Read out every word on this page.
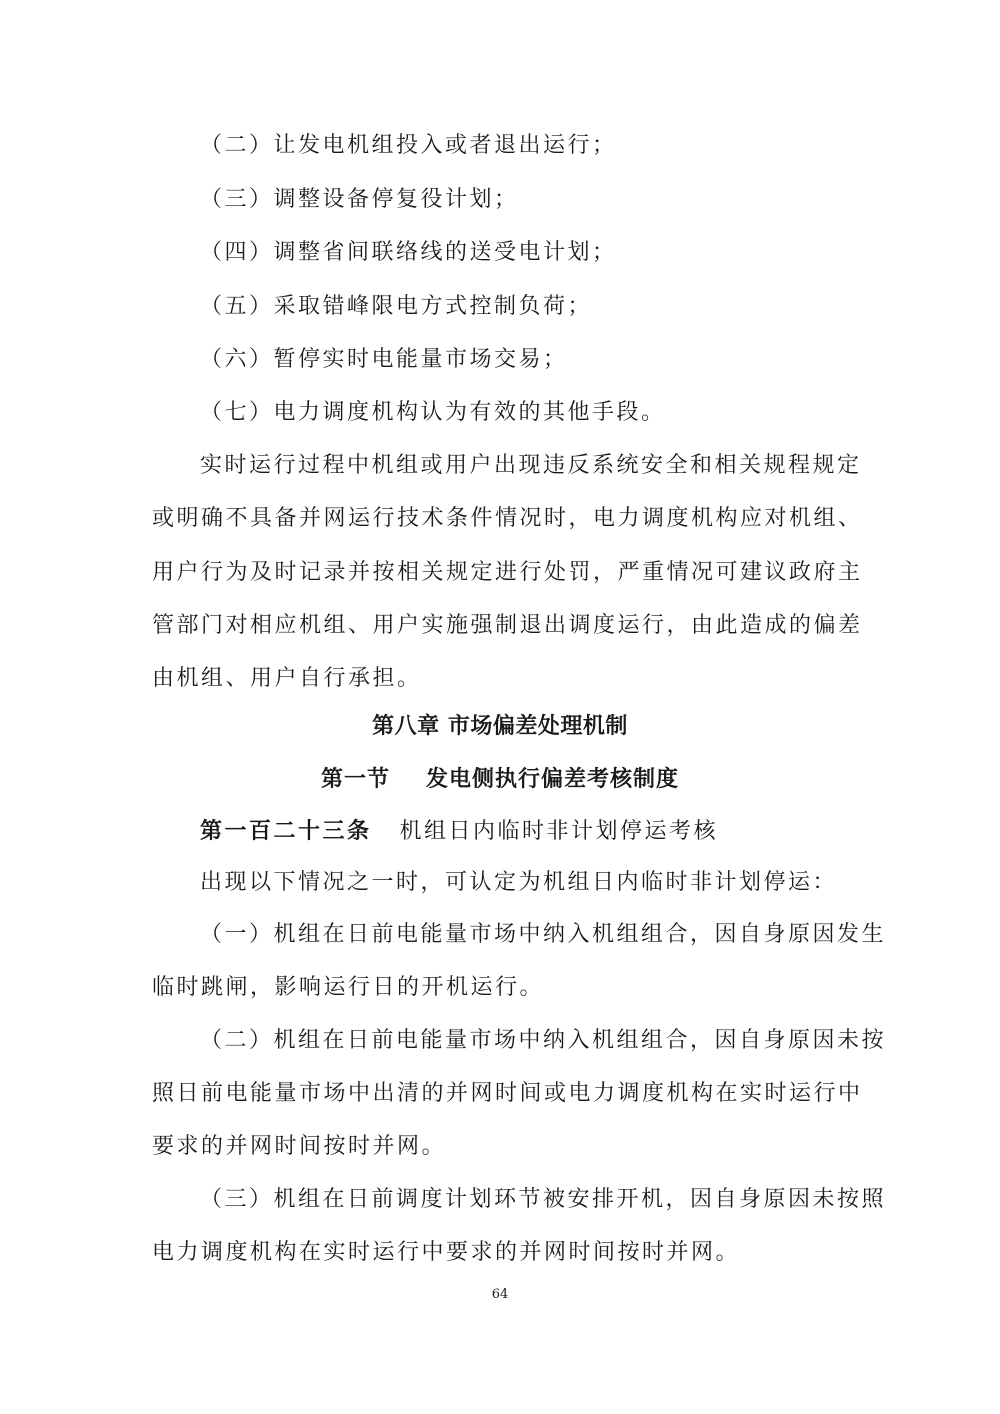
（二）让发电机组投入或者退出运行；
（三）调整设备停复役计划；
（四）调整省间联络线的送受电计划；
（五）采取错峰限电方式控制负荷；
（六）暂停实时电能量市场交易；
（七）电力调度机构认为有效的其他手段。
实时运行过程中机组或用户出现违反系统安全和相关规程规定
或明确不具备并网运行技术条件情况时，电力调度机构应对机组、
用户行为及时记录并按相关规定进行处罚，严重情况可建议政府主
管部门对相应机组、用户实施强制退出调度运行，由此造成的偏差
由机组、用户自行承担。
第八章 市场偏差处理机制
第一节 发电侧执行偏差考核制度
第一百二十三条 机组日内临时非计划停运考核
出现以下情况之一时，可认定为机组日内临时非计划停运：
（一）机组在日前电能量市场中纳入机组组合，因自身原因发生
临时跳闸，影响运行日的开机运行。
（二）机组在日前电能量市场中纳入机组组合，因自身原因未按
照日前电能量市场中出清的并网时间或电力调度机构在实时运行中
要求的并网时间按时并网。
（三）机组在日前调度计划环节被安排开机，因自身原因未按照
电力调度机构在实时运行中要求的并网时间按时并网。
64
